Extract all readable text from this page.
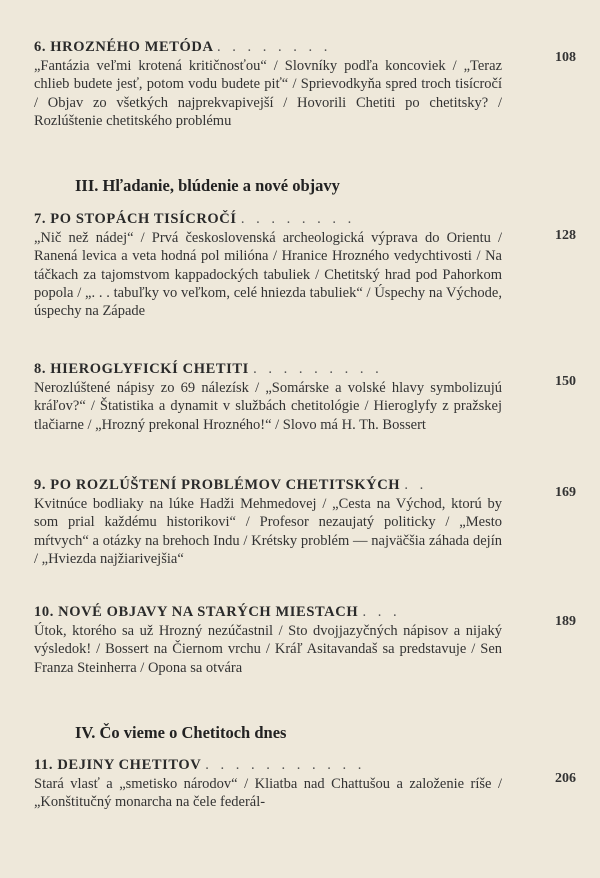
6. HROZNÉHO METÓDA . . . . . . . .
„Fantázia veľmi krotená kritičnosťou“ / Slovníky podľa koncoviek / „Teraz chlieb budete jesť, potom vodu budete piť“ / Sprievodkyňa spred troch tisícročí / Objav zo všetkých najprekvapivejší / Hovorili Chetiti po chetitsky? / Rozlúštenie chetitského problému
108
III. Hľadanie, blúdenie a nové objavy
7. PO STOPÁCH TISÍCROČÍ . . . . . . . .
„Nič než nádej“ / Prvá československá archeologická výprava do Orientu / Ranená levica a veta hodná pol milióna / Hranice Hrozného vedychtivosti / Na táčkach za tajomstvom kappadockých tabuliek / Chetitský hrad pod Pahorkom popola / „. . . tabuľky vo veľkom, celé hniezda tabuliek“ / Úspechy na Východe, úspechy na Západe
128
8. HIEROGLYFICKÍ CHETITI . . . . . . . . .
Nerozlúštené nápisy zo 69 nálezísk / „Somárske a volské hlavy symbolizujú kráľov?“ / Štatistika a dynamit v službách chetitológie / Hieroglyfy z pražskej tlačiarne / „Hrozný prekonal Hrozného!“ / Slovo má H. Th. Bossert
150
9. PO ROZLÚŠTENÍ PROBLÉMOV CHETITSKÝCH . .
Kvitnúce bodliaky na lúke Hadži Mehmedovej / „Cesta na Východ, ktorú by som prial každému historikovi“ / Profesor nezaujatý politicky / „Mesto mŕtvych“ a otázky na brehoch Indu / Krétsky problém — najväčšia záhada dejín / „Hviezda najžiarivejšia“
169
10. NOVÉ OBJAVY NA STARÝCH MIESTACH . . .
Útok, ktorého sa už Hrozný nezúčastnil / Sto dvojjazyčných nápisov a nijaký výsledok! / Bossert na Čiernom vrchu / Kráľ Asitavandaš sa predstavuje / Sen Franza Steinherra / Opona sa otvára
189
IV. Čo vieme o Chetitoch dnes
11. DEJINY CHETITOV . . . . . . . . . . .
Stará vlasť a „smetisko národov“ / Kliatba nad Chattušou a založenie ríše / „Konštitučný monarcha na čele federál-
206
